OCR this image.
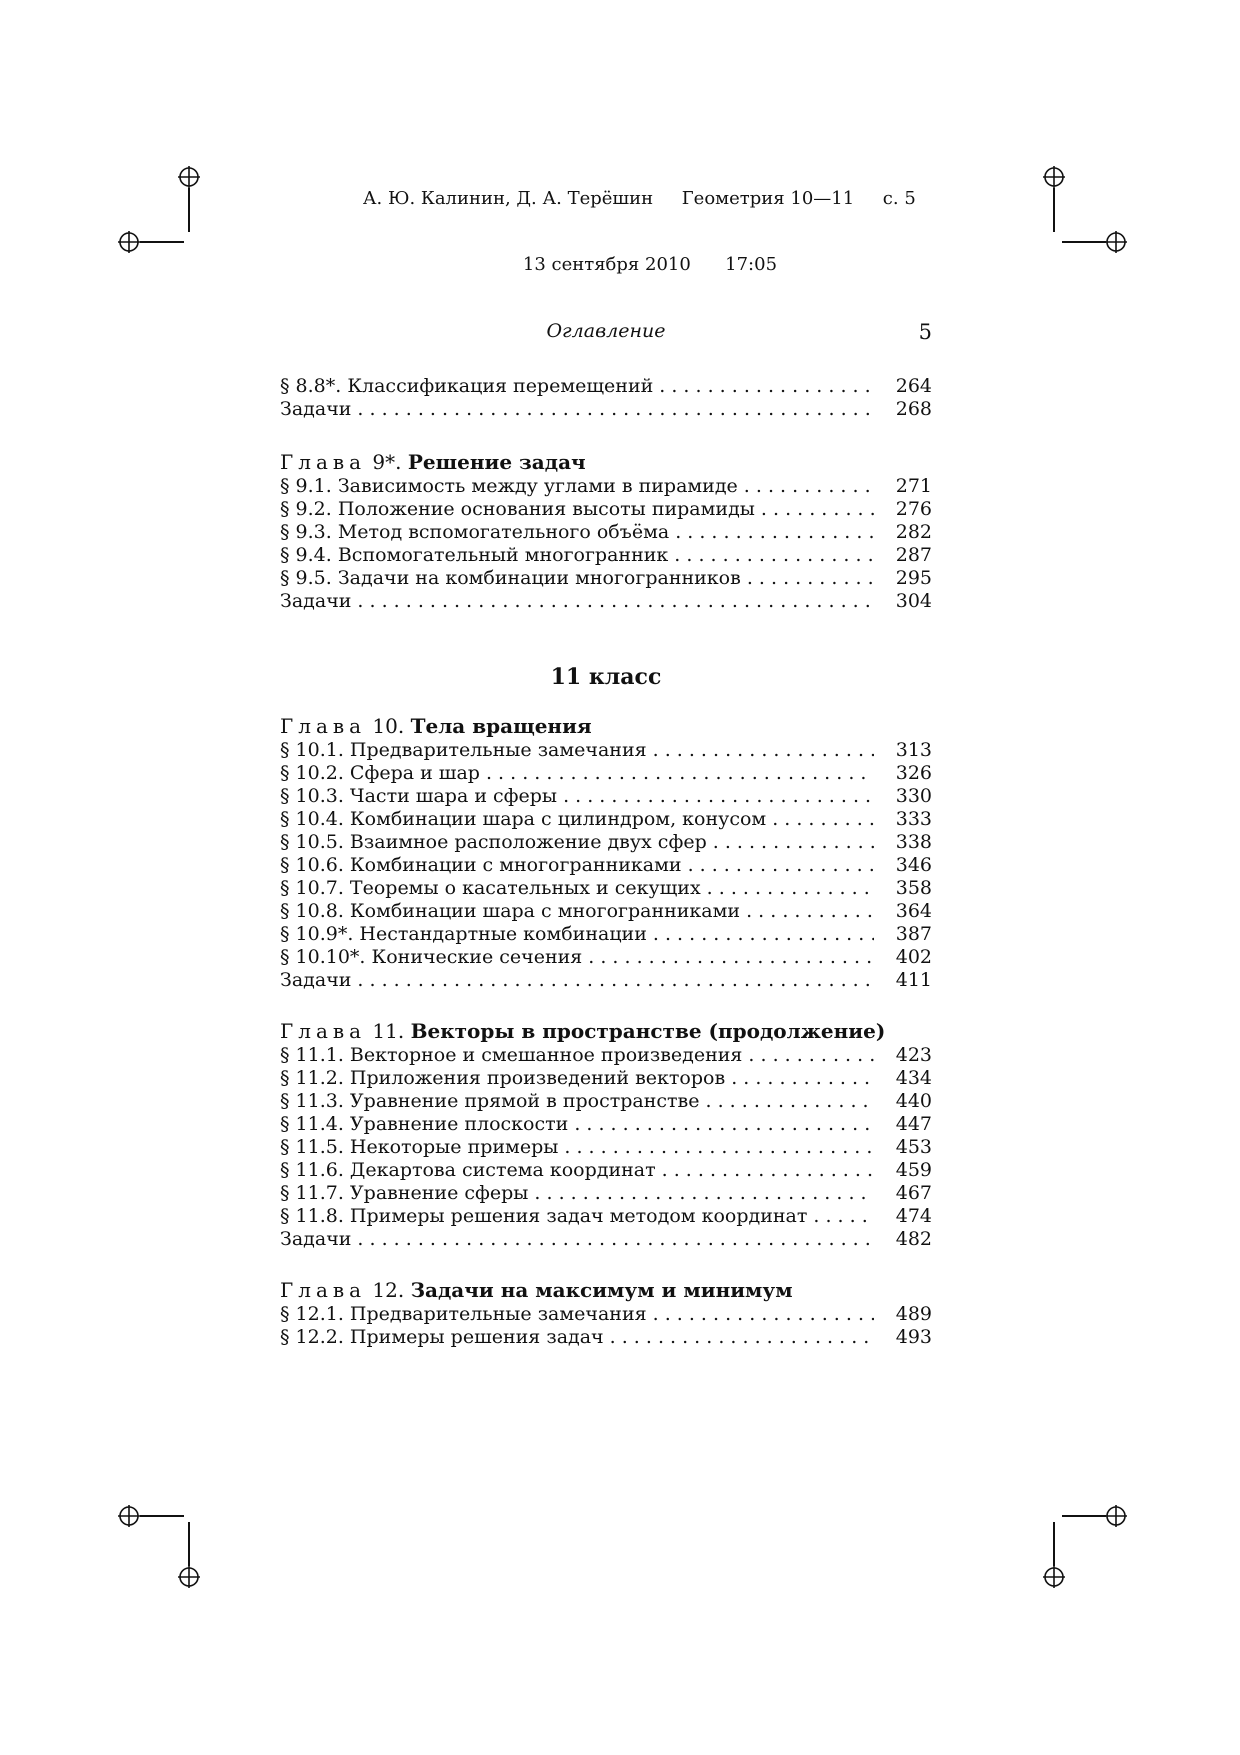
А. Ю. Калинин, Д. А. Терёшин Геометрия 10—11 с. 5

13 сентября 2010 17:05

Оглавление	5
§ 8.8*. Классификация перемещений . . .	264
Задачи . . .	268
Глава 9*. Решение задач
§ 9.1. Зависимость между углами в пирамиде . . .	271
§ 9.2. Положение основания высоты пирамиды . . .	276
§ 9.3. Метод вспомогательного объёма . . .	282
§ 9.4. Вспомогательный многогранник . . .	287
§ 9.5. Задачи на комбинации многогранников . . .	295
Задачи . . .	304
11 класс
Глава 10. Тела вращения
§ 10.1. Предварительные замечания . . .	313
§ 10.2. Сфера и шар . . .	326
§ 10.3. Части шара и сферы . . .	330
§ 10.4. Комбинации шара с цилиндром, конусом . . .	333
§ 10.5. Взаимное расположение двух сфер . . .	338
§ 10.6. Комбинации с многогранниками . . .	346
§ 10.7. Теоремы о касательных и секущих . . .	358
§ 10.8. Комбинации шара с многогранниками . . .	364
§ 10.9*. Нестандартные комбинации . . .	387
§ 10.10*. Конические сечения . . .	402
Задачи . . .	411
Глава 11. Векторы в пространстве (продолжение)
§ 11.1. Векторное и смешанное произведения . . .	423
§ 11.2. Приложения произведений векторов . . .	434
§ 11.3. Уравнение прямой в пространстве . . .	440
§ 11.4. Уравнение плоскости . . .	447
§ 11.5. Некоторые примеры . . .	453
§ 11.6. Декартова система координат . . .	459
§ 11.7. Уравнение сферы . . .	467
§ 11.8. Примеры решения задач методом координат . . .	474
Задачи . . .	482
Глава 12. Задачи на максимум и минимум
§ 12.1. Предварительные замечания . . .	489
§ 12.2. Примеры решения задач . . .	493
